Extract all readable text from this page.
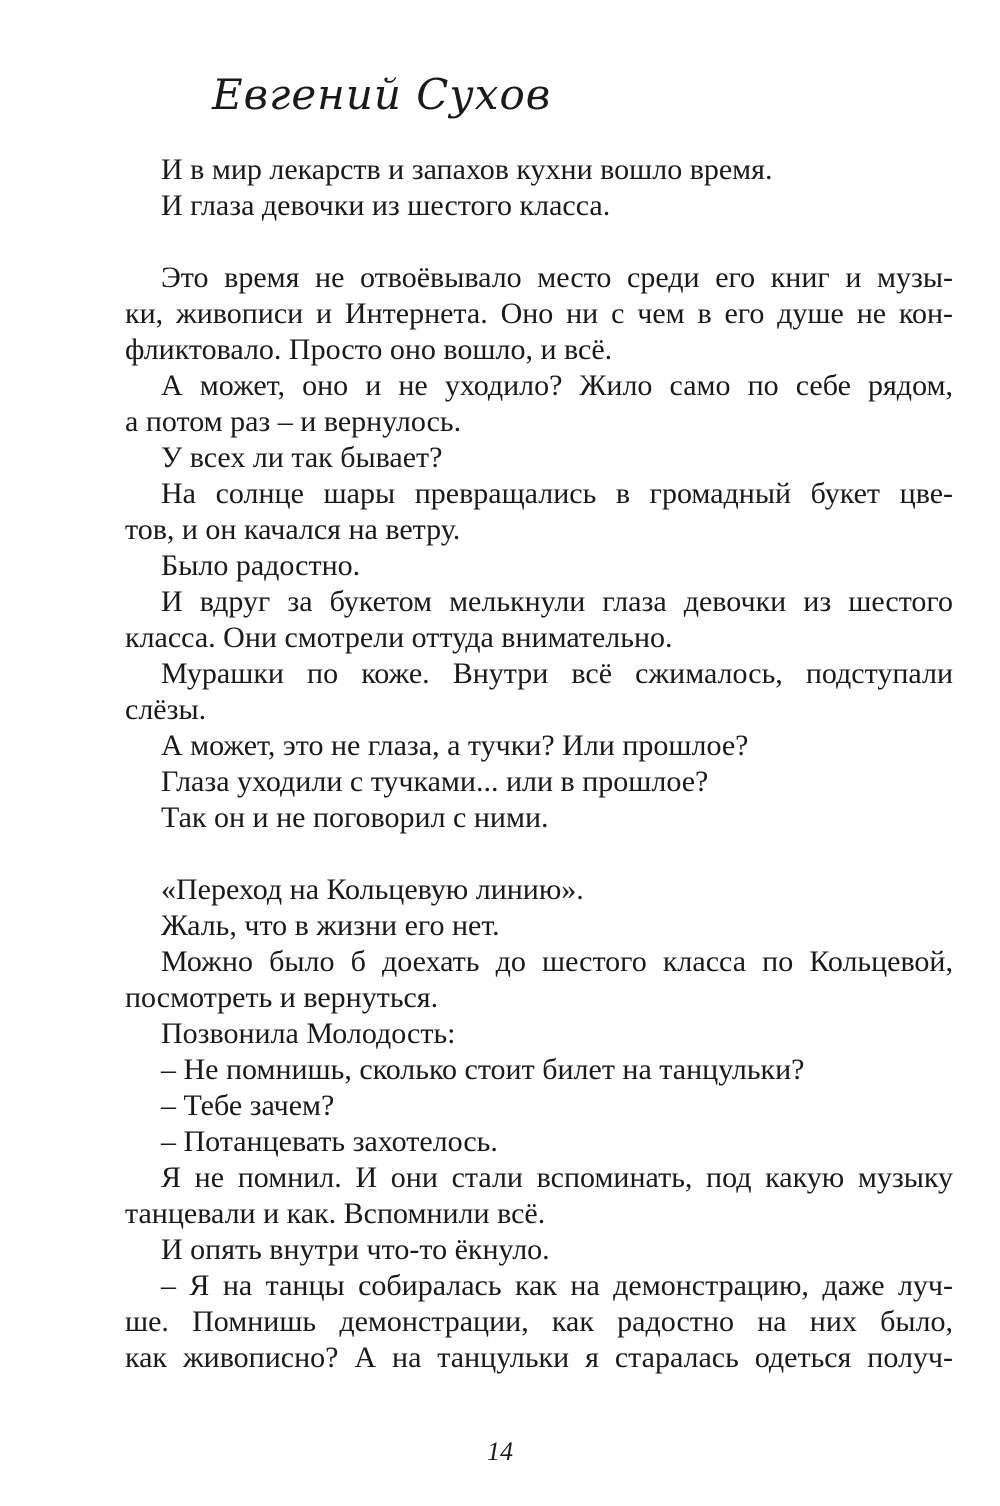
Евгений Сухов
И в мир лекарств и запахов кухни вошло время.
И глаза девочки из шестого класса.
Это время не отвоёвывало место среди его книг и музы-
ки, живописи и Интернета. Оно ни с чем в его душе не кон-
фликтовало. Просто оно вошло, и всё.
А может, оно и не уходило? Жило само по себе рядом,
а потом раз – и вернулось.
У всех ли так бывает?
На солнце шары превращались в громадный букет цве-
тов, и он качался на ветру.
Было радостно.
И вдруг за букетом мелькнули глаза девочки из шестого
класса. Они смотрели оттуда внимательно.
Мурашки по коже. Внутри всё сжималось, подступали
слёзы.
А может, это не глаза, а тучки? Или прошлое?
Глаза уходили с тучками... или в прошлое?
Так он и не поговорил с ними.
«Переход на Кольцевую линию».
Жаль, что в жизни его нет.
Можно было б доехать до шестого класса по Кольцевой,
посмотреть и вернуться.
Позвонила Молодость:
– Не помнишь, сколько стоит билет на танцульки?
– Тебе зачем?
– Потанцевать захотелось.
Я не помнил. И они стали вспоминать, под какую музыку
танцевали и как. Вспомнили всё.
И опять внутри что-то ёкнуло.
– Я на танцы собиралась как на демонстрацию, даже луч-
ше. Помнишь демонстрации, как радостно на них было,
как живописно? А на танцульки я старалась одеться получ-
14
